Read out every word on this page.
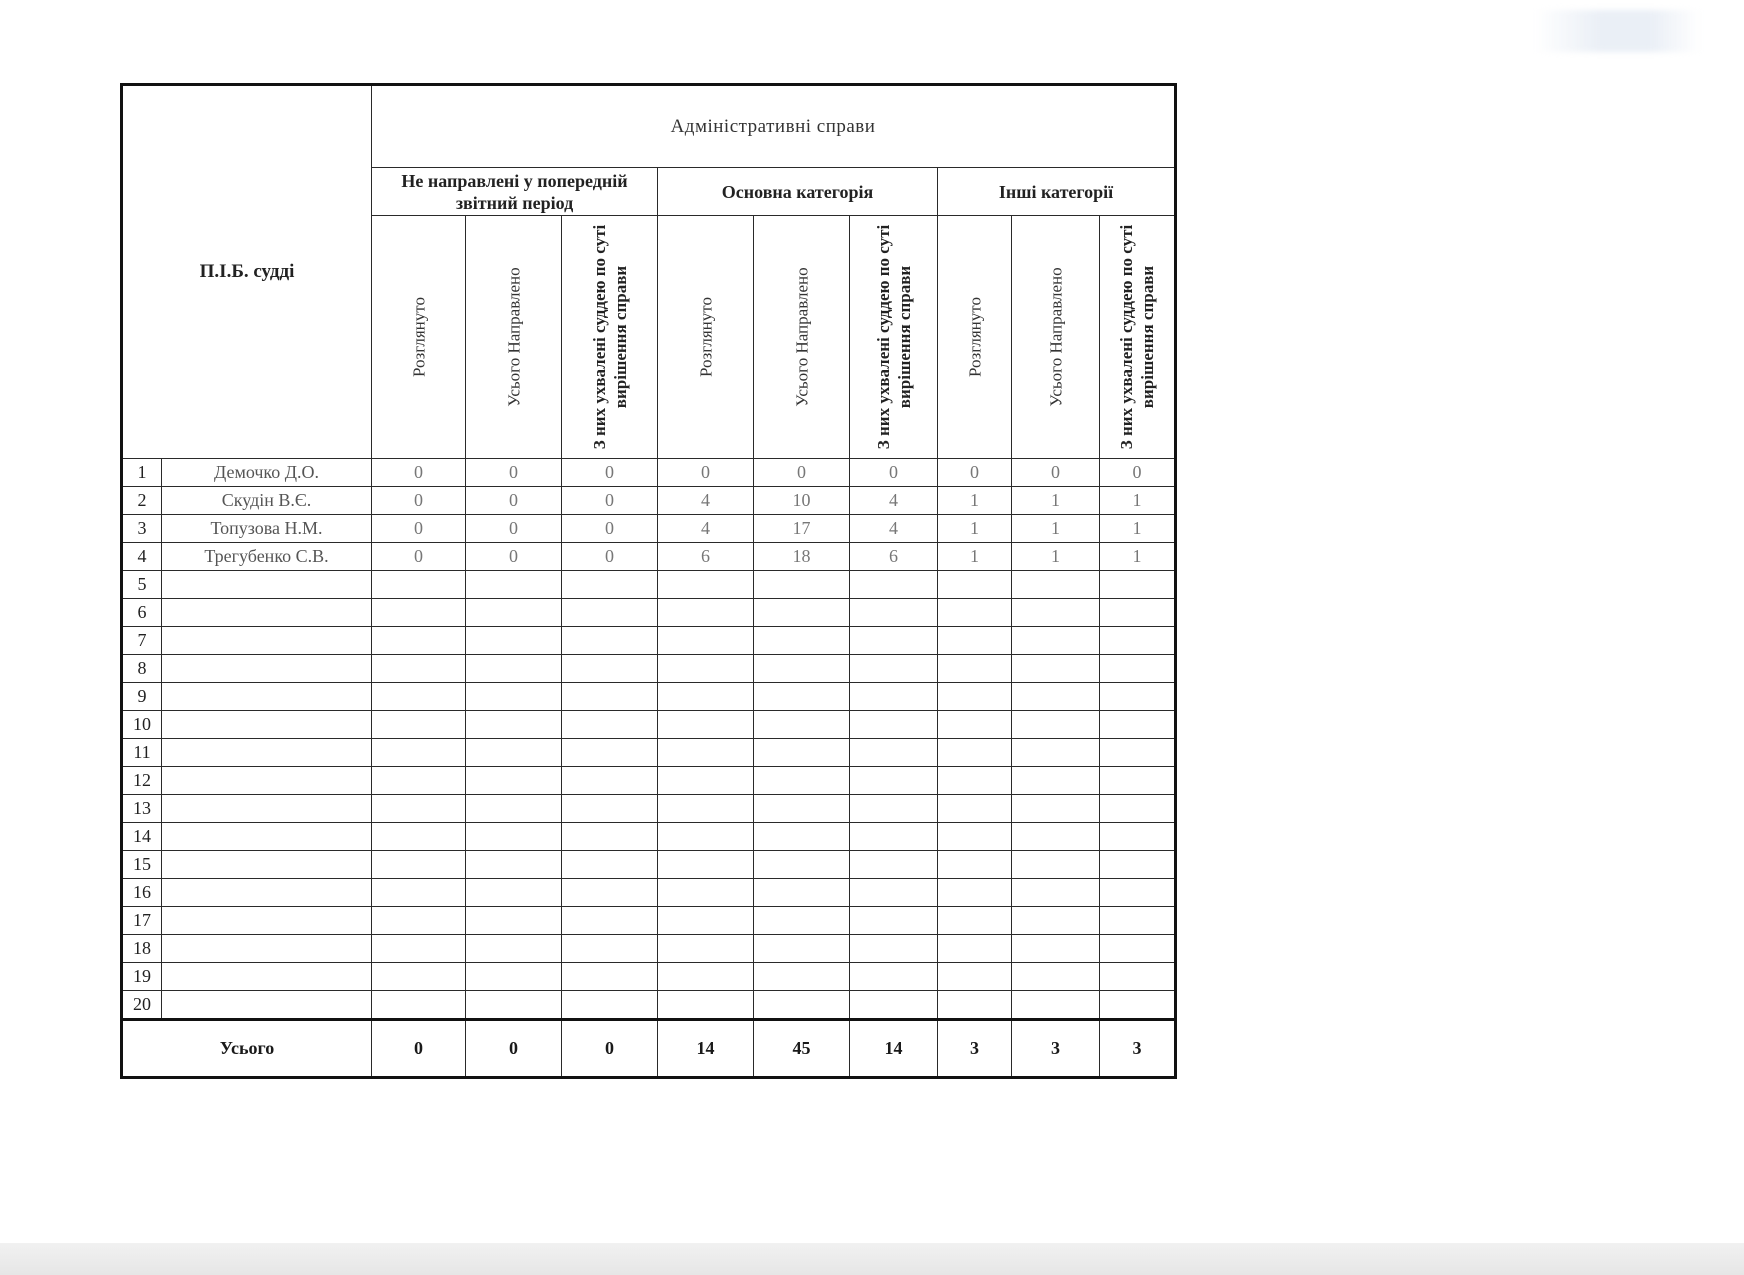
П.І.Б. судді		Адміністративні справи								
		Не направлені у попередній звітний період			Основна категорія			Інші категорії		

		Розглянуто	Усього Направлено	З них ухвалені суддею по суті вирішення справи	Розглянуто	Усього Направлено	З них ухвалені суддею по суті вирішення справи	Розглянуто	Усього Направлено	З них ухвалені суддею по суті вирішення справи

1	Демочко Д.О.	0	0	0	0	0	0	0	0	0
2	Скудін В.Є.	0	0	0	4	10	4	1	1	1
3	Топузова Н.М.	0	0	0	4	17	4	1	1	1
4	Трегубенко С.В.	0	0	0	6	18	6	1	1	1
5										
6										
7										
8										
9										
10										
11										
12										
13										
14										
15										
16										
17										
18										
19										
20										
Усього		0	0	0	14	45	14	3	3	3
